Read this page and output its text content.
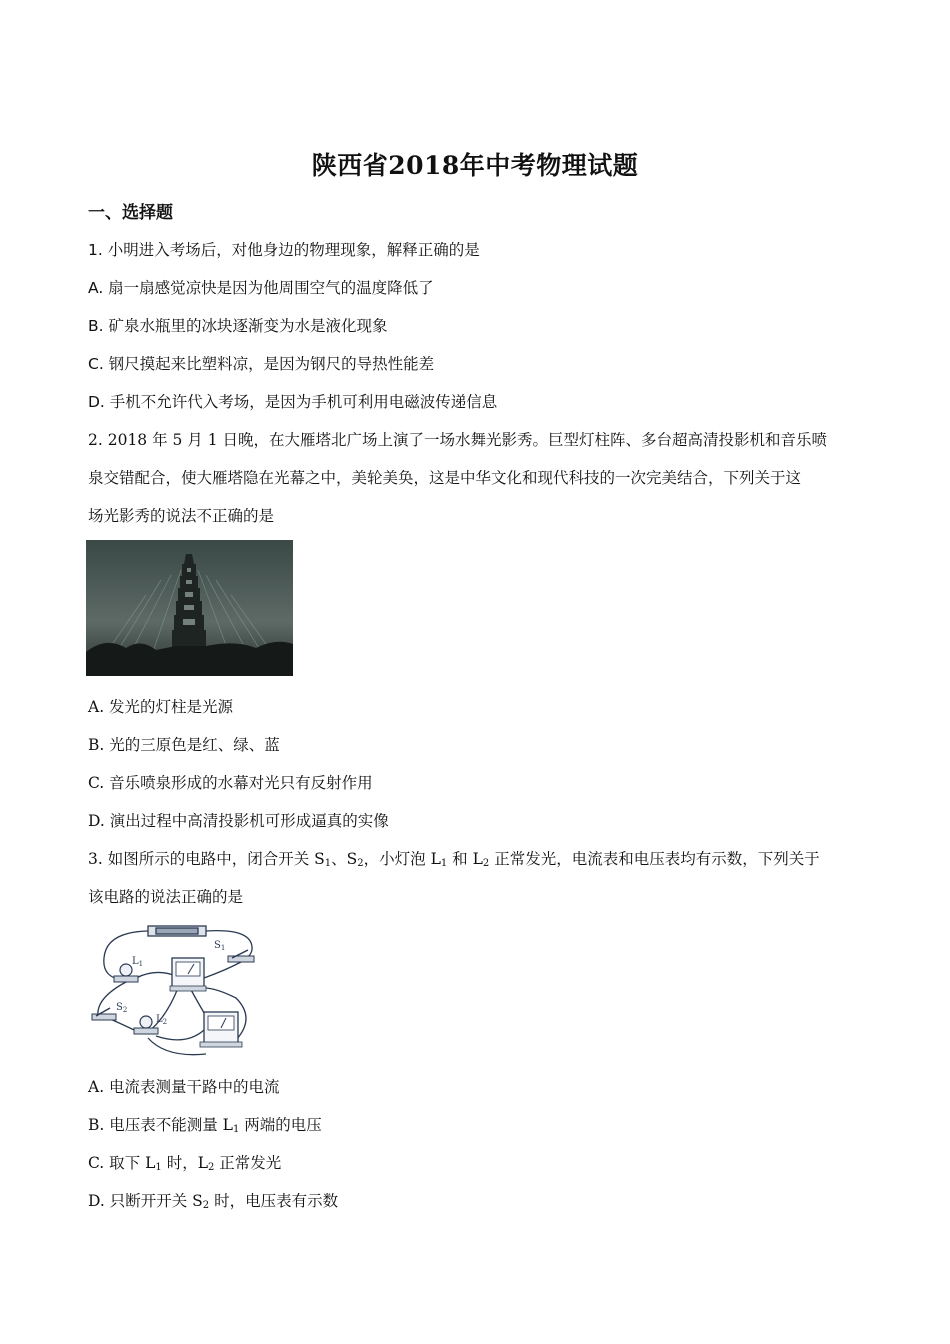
陕西省2018年中考物理试题
一、选择题
1. 小明进入考场后，对他身边的物理现象，解释正确的是
A. 扇一扇感觉凉快是因为他周围空气的温度降低了
B. 矿泉水瓶里的冰块逐渐变为水是液化现象
C. 钢尺摸起来比塑料凉，是因为钢尺的导热性能差
D. 手机不允许代入考场，是因为手机可利用电磁波传递信息
2. 2018 年 5 月 1 日晚，在大雁塔北广场上演了一场水舞光影秀。巨型灯柱阵、多台超高清投影机和音乐喷
泉交错配合，使大雁塔隐在光幕之中，美轮美奂，这是中华文化和现代科技的一次完美结合，下列关于这
场光影秀的说法不正确的是
A. 发光的灯柱是光源
B. 光的三原色是红、绿、蓝
C. 音乐喷泉形成的水幕对光只有反射作用
D. 演出过程中高清投影机可形成逼真的实像
3. 如图所示的电路中，闭合开关 $S_1$、$S_2$，小灯泡 $L_1$ 和 $L_2$ 正常发光，电流表和电压表均有示数，下列关于
该电路的说法正确的是
$S_1$
$L_1$
$S_2$
$L_2$
A. 电流表测量干路中的电流
B. 电压表不能测量 $L_1$ 两端的电压
C. 取下 $L_1$ 时，$L_2$ 正常发光
D. 只断开开关 $S_2$ 时，电压表有示数
